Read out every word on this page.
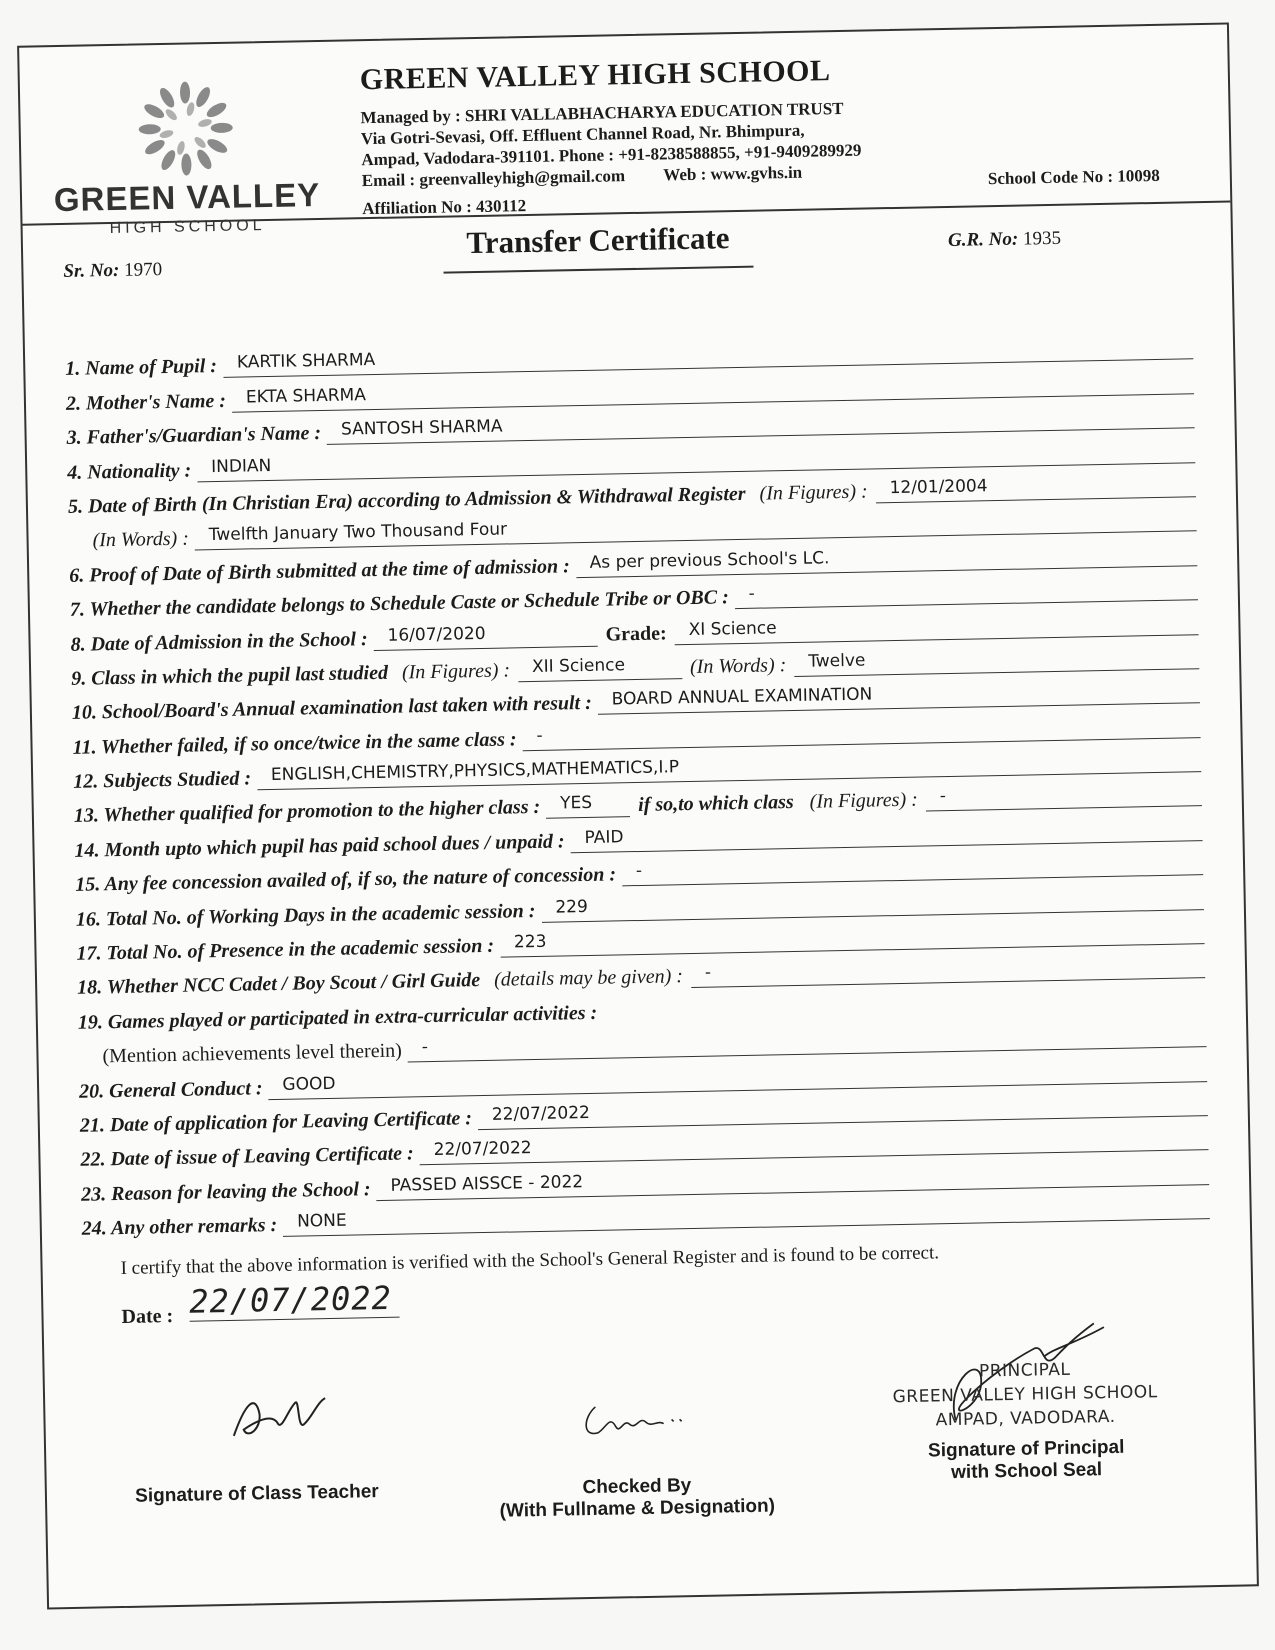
GREEN VALLEY
HIGH SCHOOL
GREEN VALLEY HIGH SCHOOL
Managed by : SHRI VALLABHACHARYA EDUCATION TRUST
Via Gotri-Sevasi, Off. Effluent Channel Road, Nr. Bhimpura,
Ampad, Vadodara-391101. Phone : +91-8238588855, +91-9409289929
Email : greenvalleyhigh@gmail.com Web : www.gvhs.in
Affiliation No : 430112
School Code No : 10098
Sr. No: 1970
Transfer Certificate	G.R. No: 1935
1. Name of Pupil :	KARTIK SHARMA
2. Mother's Name :	EKTA SHARMA
3. Father's/Guardian's Name :	SANTOSH SHARMA
4. Nationality :	INDIAN
5. Date of Birth (In Christian Era) according to Admission & Withdrawal Register (In Figures) :	12/01/2004
(In Words) :	Twelfth January Two Thousand Four
6. Proof of Date of Birth submitted at the time of admission :	As per previous School's LC.
7. Whether the candidate belongs to Schedule Caste or Schedule Tribe or OBC :	-
8. Date of Admission in the School :	16/07/2020	Grade:	XI Science
9. Class in which the pupil last studied (In Figures) :	XII Science	(In Words) :	Twelve
10. School/Board's Annual examination last taken with result :	BOARD ANNUAL EXAMINATION
11. Whether failed, if so once/twice in the same class :	-
12. Subjects Studied :	ENGLISH,CHEMISTRY,PHYSICS,MATHEMATICS,I.P
13. Whether qualified for promotion to the higher class :	YES	if so,to which class (In Figures) :	-
14. Month upto which pupil has paid school dues / unpaid :	PAID
15. Any fee concession availed of, if so, the nature of concession :	-
16. Total No. of Working Days in the academic session :	229
17. Total No. of Presence in the academic session :	223
18. Whether NCC Cadet / Boy Scout / Girl Guide (details may be given) :	-
19. Games played or participated in extra-curricular activities :
(Mention achievements level therein)	-
20. General Conduct :	GOOD
21. Date of application for Leaving Certificate :	22/07/2022
22. Date of issue of Leaving Certificate :	22/07/2022
23. Reason for leaving the School :	PASSED AISSCE - 2022
24. Any other remarks :	NONE
I certify that the above information is verified with the School's General Register and is found to be correct.
Date : 22/07/2022
Signature of Class Teacher	Checked By
(With Fullname & Designation)
PRINCIPAL
GREEN VALLEY HIGH SCHOOL
AMPAD, VADODARA.
Signature of Principal
with School Seal
